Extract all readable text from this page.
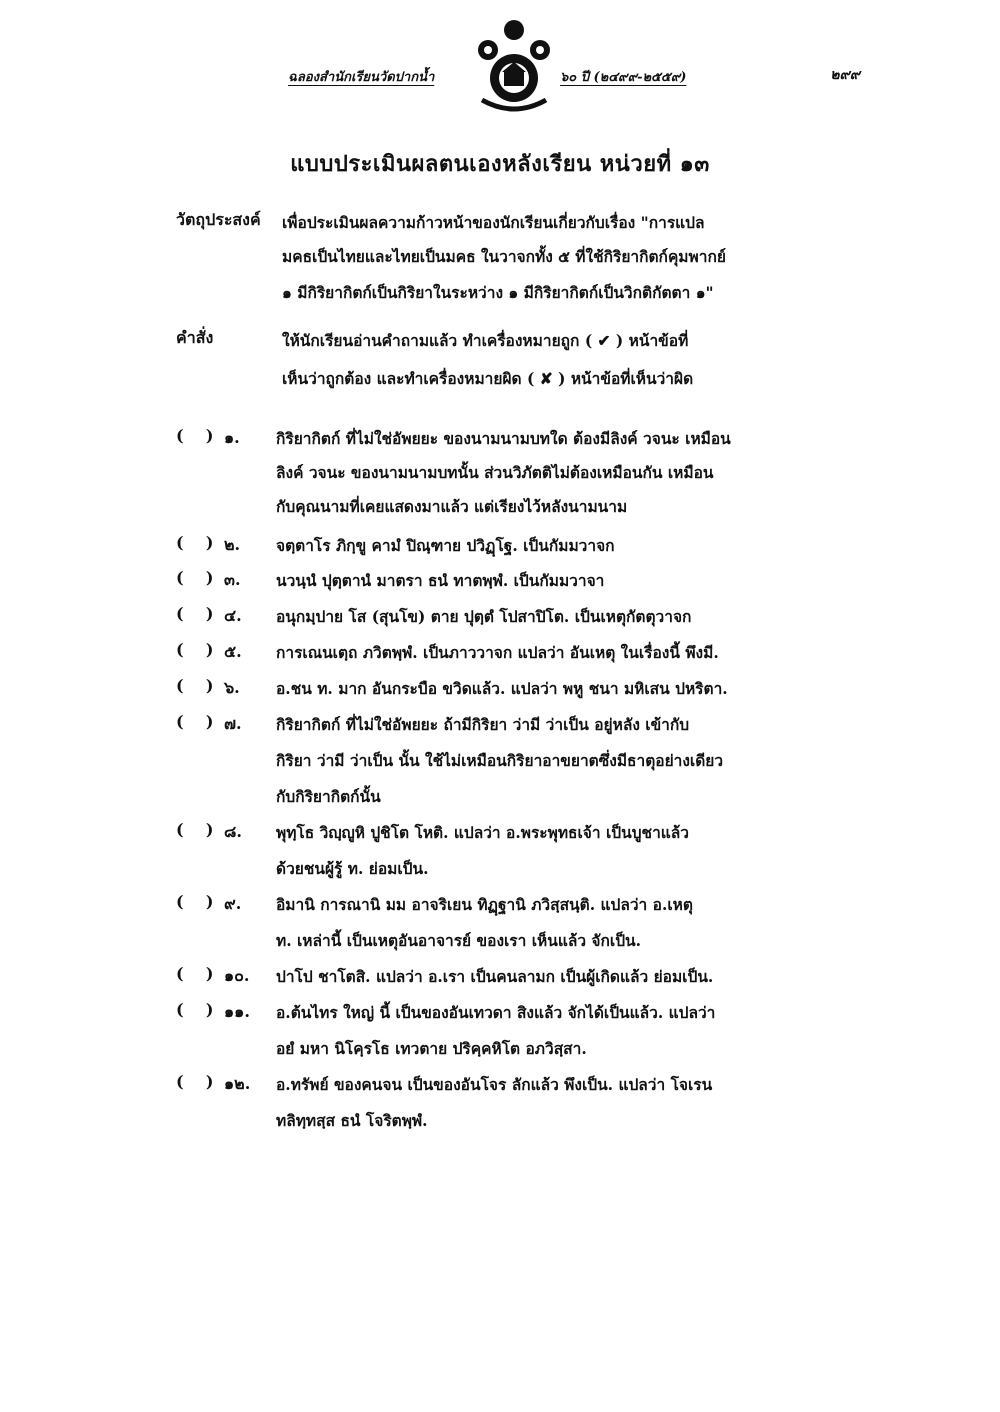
ฉลองสำนักเรียนวัดปากน้ำ	๖๐ ปี (๒๔๙๙-๒๕๕๙)	๒๙๙
แบบประเมินผลตนเองหลังเรียน หน่วยที่ ๑๓
วัตถุประสงค์ เพื่อประเมินผลความก้าวหน้าของนักเรียนเกี่ยวกับเรื่อง "การแปล
มคธเป็นไทยและไทยเป็นมคธ ในวาจกทั้ง ๕ ที่ใช้กิริยากิตก์คุมพากย์
๑ มีกิริยากิตก์เป็นกิริยาในระหว่าง ๑ มีกิริยากิตก์เป็นวิกติกัตตา ๑"
คำสั่ง	ให้นักเรียนอ่านคำถามแล้ว ทำเครื่องหมายถูก ( ✔ ) หน้าข้อที่
เห็นว่าถูกต้อง และทำเครื่องหมายผิด ( ✘ ) หน้าข้อที่เห็นว่าผิด
(    ) ๑. กิริยากิตก์ ที่ไม่ใช่อัพยยะ ของนามนามบทใด ต้องมีลิงค์ วจนะ เหมือน
ลิงค์ วจนะ ของนามนามบทนั้น ส่วนวิภัตติไม่ต้องเหมือนกัน เหมือน
กับคุณนามที่เคยแสดงมาแล้ว แต่เรียงไว้หลังนามนาม
(    ) ๒. จตฺตาโร ภิกฺขู คามํ ปิณฺฑาย ปวิฏฺโฐ. เป็นกัมมวาจก
(    ) ๓. นวนฺนํ ปุตฺตานํ มาตรา ธนํ ทาตพฺพํ. เป็นกัมมวาจา
(    ) ๔. อนุกมฺปาย โส (สุนโข) ตาย ปุตฺตํ โปสาปิโต. เป็นเหตุกัตตุวาจก
(    ) ๕. การเณนเตฺถ ภวิตพฺพํ. เป็นภาววาจก แปลว่า อันเหตุ ในเรื่องนี้ พึงมี.
(    ) ๖. อ.ชน ท. มาก อันกระบือ ขวิดแล้ว. แปลว่า พหู ชนา มหิเสน ปหริตา.
(    ) ๗. กิริยากิตก์ ที่ไม่ใช่อัพยยะ ถ้ามีกิริยา ว่ามี ว่าเป็น อยู่หลัง เข้ากับ
กิริยา ว่ามี ว่าเป็น นั้น ใช้ไม่เหมือนกิริยาอาขยาตซึ่งมีธาตุอย่างเดียว
กับกิริยากิตก์นั้น
(    ) ๘. พุทฺโธ วิญฺญูหิ ปูชิโต โหติ. แปลว่า อ.พระพุทธเจ้า เป็นบูชาแล้ว
ด้วยชนผู้รู้ ท. ย่อมเป็น.
(    ) ๙. อิมานิ การณานิ มม อาจริเยน ทิฏฺฐานิ ภวิสฺสนฺติ. แปลว่า อ.เหตุ
ท. เหล่านี้ เป็นเหตุอันอาจารย์ ของเรา เห็นแล้ว จักเป็น.
(    ) ๑๐. ปาโป ชาโตสิ. แปลว่า อ.เรา เป็นคนลามก เป็นผู้เกิดแล้ว ย่อมเป็น.
(    ) ๑๑. อ.ต้นไทร ใหญ่ นี้ เป็นของอันเทวดา สิงแล้ว จักได้เป็นแล้ว. แปลว่า
อยํ มหา นิโคฺรโธ เทวตาย ปริคฺคหิโต อภวิสฺสา.
(    ) ๑๒. อ.ทรัพย์ ของคนจน เป็นของอันโจร ลักแล้ว พึงเป็น. แปลว่า โจเรน
ทลิทฺทสฺส ธนํ โจริตพฺพํ.
